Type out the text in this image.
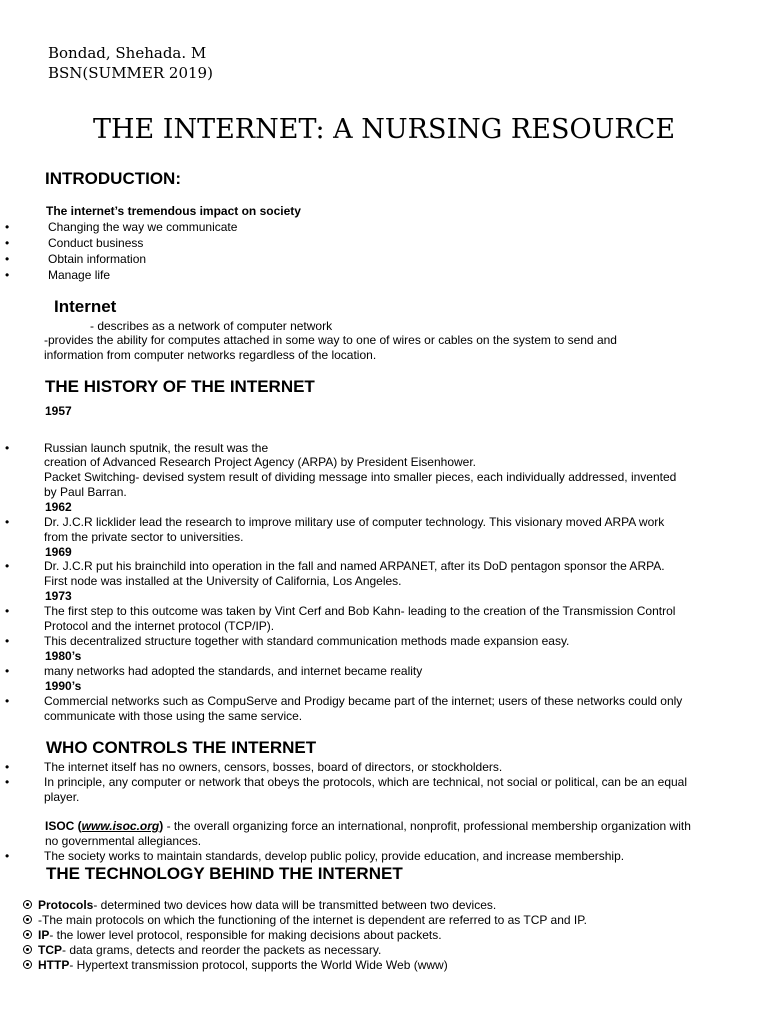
Bondad, Shehada. M
BSN(SUMMER 2019)
THE INTERNET: A NURSING RESOURCE
INTRODUCTION:
The internet’s tremendous impact on society
•	Changing the way we communicate
•	Conduct business
•	Obtain information
•	Manage life
Internet
- describes as a network of computer network
-provides the ability for computes attached in some way to one of wires or cables on the system to send and
information from computer networks regardless of the location.
THE HISTORY OF THE INTERNET
1957
•	Russian launch sputnik, the result was the
creation of Advanced Research Project Agency (ARPA) by President Eisenhower.
Packet Switching- devised system result of dividing message into smaller pieces, each individually addressed, invented
by Paul Barran.
1962
•	Dr. J.C.R licklider lead the research to improve military use of computer technology. This visionary moved ARPA work
from the private sector to universities.
1969
•	Dr. J.C.R put his brainchild into operation in the fall and named ARPANET, after its DoD pentagon sponsor the ARPA.
First node was installed at the University of California, Los Angeles.
1973
•	The first step to this outcome was taken by Vint Cerf and Bob Kahn- leading to the creation of the Transmission Control
Protocol and the internet protocol (TCP/IP).
•	This decentralized structure together with standard communication methods made expansion easy.
1980’s
•	many networks had adopted the standards, and internet became reality
1990’s
•	Commercial networks such as CompuServe and Prodigy became part of the internet; users of these networks could only
communicate with those using the same service.
WHO CONTROLS THE INTERNET
•	The internet itself has no owners, censors, bosses, board of directors, or stockholders.
•	In principle, any computer or network that obeys the protocols, which are technical, not social or political, can be an equal
player.
ISOC (www.isoc.org) - the overall organizing force an international, nonprofit, professional membership organization with
no governmental allegiances.
•	The society works to maintain standards, develop public policy, provide education, and increase membership.
THE TECHNOLOGY BEHIND THE INTERNET
Protocols- determined two devices how data will be transmitted between two devices.
-The main protocols on which the functioning of the internet is dependent are referred to as TCP and IP.
IP- the lower level protocol, responsible for making decisions about packets.
TCP- data grams, detects and reorder the packets as necessary.
HTTP- Hypertext transmission protocol, supports the World Wide Web (www)
